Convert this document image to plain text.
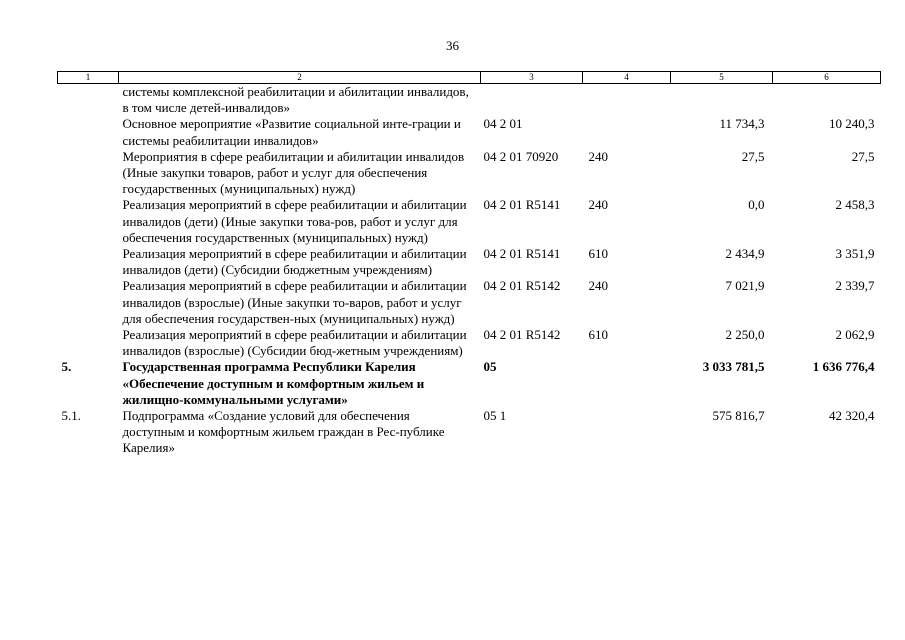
36
1	2	3	4	5	6
	системы комплексной реабилитации и абилитации инвалидов, в том числе детей-инвалидов»				
	Основное мероприятие «Развитие социальной инте-грации и системы реабилитации инвалидов»	04 2 01		11 734,3	10 240,3
	Мероприятия в сфере реабилитации и абилитации инвалидов (Иные закупки товаров, работ и услуг для обеспечения государственных (муниципальных) нужд)	04 2 01 70920	240	27,5	27,5
	Реализация мероприятий в сфере реабилитации и абилитации инвалидов (дети) (Иные закупки това-ров, работ и услуг для обеспечения государственных (муниципальных) нужд)	04 2 01 R5141	240	0,0	2 458,3
	Реализация мероприятий в сфере реабилитации и абилитации инвалидов (дети) (Субсидии бюджетным учреждениям)	04 2 01 R5141	610	2 434,9	3 351,9
	Реализация мероприятий в сфере реабилитации и абилитации инвалидов (взрослые) (Иные закупки то-варов, работ и услуг для обеспечения государствен-ных (муниципальных) нужд)	04 2 01 R5142	240	7 021,9	2 339,7
	Реализация мероприятий в сфере реабилитации и абилитации инвалидов (взрослые) (Субсидии бюд-жетным учреждениям)	04 2 01 R5142	610	2 250,0	2 062,9
5.	Государственная программа Республики Карелия «Обеспечение доступным и комфортным жильем и жилищно-коммунальными услугами»	05		3 033 781,5	1 636 776,4
5.1.	Подпрограмма «Создание условий для обеспечения доступным и комфортным жильем граждан в Рес-публике Карелия»	05 1		575 816,7	42 320,4
